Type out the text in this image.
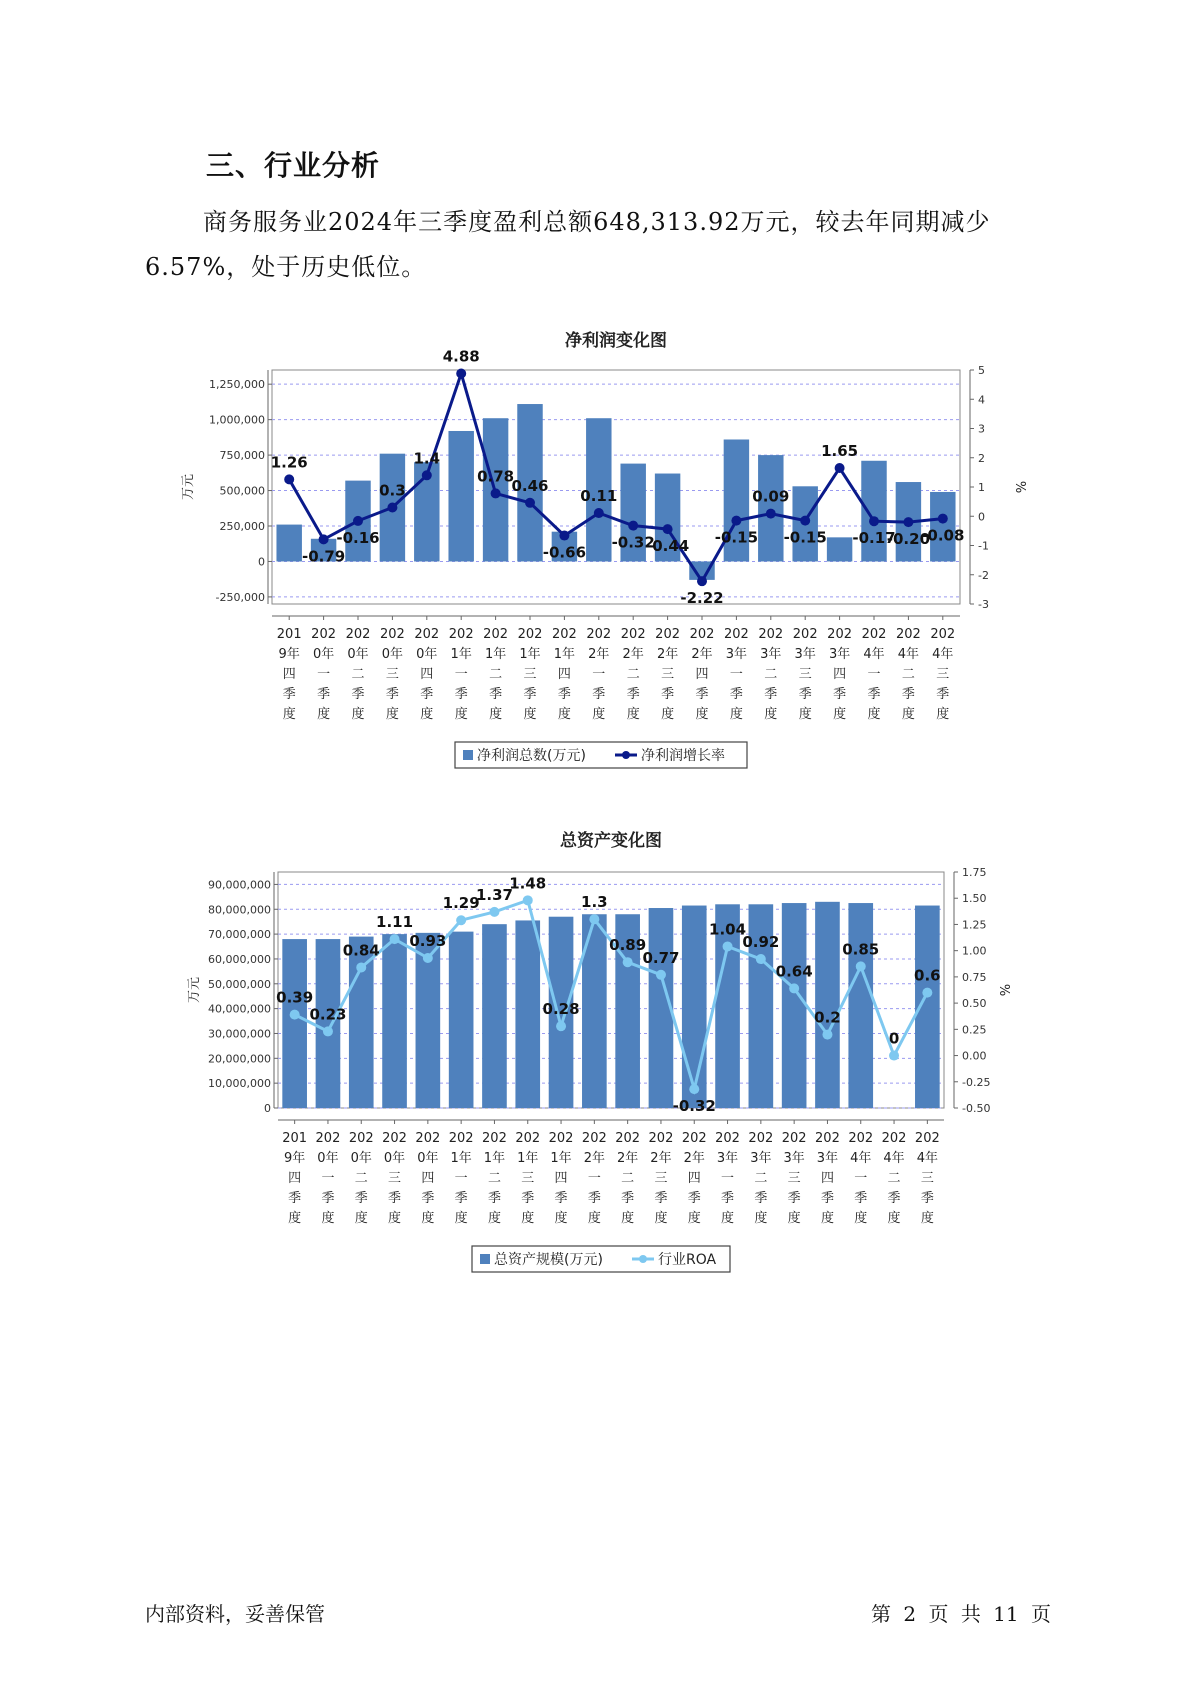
三、行业分析

商务服务业2024年三季度盈利总额648,313.92万元，较去年同期减少6.57%，处于历史低位。

净利润变化图
-250,000
0
250,000
500,000
750,000
1,000,000
1,250,000
-3
-2
-1
0
1
2
3
4
5
万元	%
1.26
-0.79
-0.16
0.3
1.4
4.88
0.78
0.46
-0.66
0.11
-0.32
-0.44
-2.22
-0.15
0.09
-0.15
1.65
-0.17
-0.20
-0.08
201
9年
四
季
度
202
0年
一
季
度
202
0年
二
季
度
202
0年
三
季
度
202
0年
四
季
度
202
1年
一
季
度
202
1年
二
季
度
202
1年
三
季
度
202
1年
四
季
度
202
2年
一
季
度
202
2年
二
季
度
202
2年
三
季
度
202
2年
四
季
度
202
3年
一
季
度
202
3年
二
季
度
202
3年
三
季
度
202
3年
四
季
度
202
4年
一
季
度
202
4年
二
季
度
202
4年
三
季
度
净利润总数(万元)	净利润增长率
总资产变化图
0
10,000,000
20,000,000
30,000,000
40,000,000
50,000,000
60,000,000
70,000,000
80,000,000
90,000,000
-0.50
-0.25
0.00
0.25
0.50
0.75
1.00
1.25
1.50
1.75
万元	%
0.39
0.23
0.84
1.11
0.93
1.29
1.37
1.48
0.28
1.3
0.89
0.77
-0.32
1.04
0.92
0.64
0.2
0.85
0
0.6
201
9年
四
季
度
202
0年
一
季
度
202
0年
二
季
度
202
0年
三
季
度
202
0年
四
季
度
202
1年
一
季
度
202
1年
二
季
度
202
1年
三
季
度
202
1年
四
季
度
202
2年
一
季
度
202
2年
二
季
度
202
2年
三
季
度
202
2年
四
季
度
202
3年
一
季
度
202
3年
二
季
度
202
3年
三
季
度
202
3年
四
季
度
202
4年
一
季
度
202
4年
二
季
度
202
4年
三
季
度
总资产规模(万元)	行业ROA
内部资料，妥善保管	第 2 页 共 11 页
